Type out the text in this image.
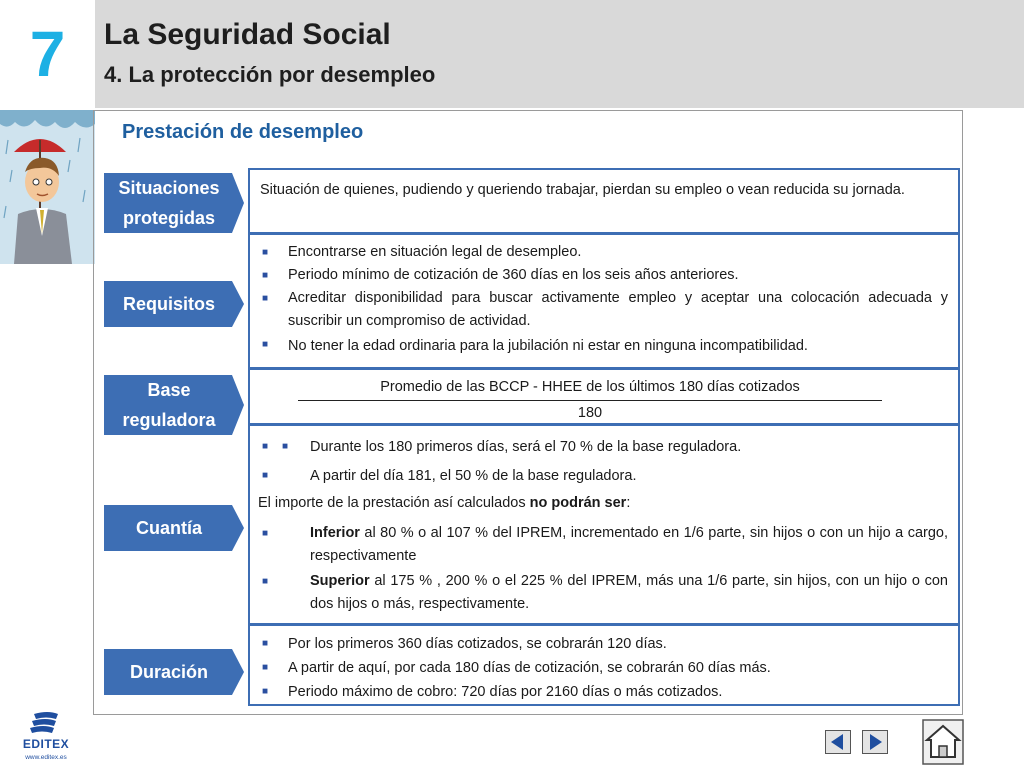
7	La Seguridad Social
4. La protección por desempleo
Prestación de desempleo
Situaciones protegidas
Situación de quienes, pudiendo y queriendo trabajar, pierdan su empleo o vean reducida su jornada.
Requisitos
■ Encontrarse en situación legal de desempleo.
■ Periodo mínimo de cotización de 360 días en los seis años anteriores.
■ Acreditar disponibilidad para buscar activamente empleo y aceptar una colocación adecuada y suscribir un compromiso de actividad.
■ No tener la edad ordinaria para la jubilación ni estar en ninguna incompatibilidad.
Base reguladora
Promedio de las BCCP - HHEE de los últimos 180 días cotizados
180
Cuantía
■ ■ Durante los 180 primeros días, será el 70 % de la base reguladora.
■ A partir del día 181, el 50 % de la base reguladora.
El importe de la prestación así calculados no podrán ser:
■ Inferior al 80 % o al 107 % del IPREM, incrementado en 1/6 parte, sin hijos o con un hijo a cargo, respectivamente
■ Superior al 175 % , 200 % o el 225 % del IPREM, más una 1/6 parte, sin hijos, con un hijo o con dos hijos o más, respectivamente.
Duración
■ Por los primeros 360 días cotizados, se cobrarán 120 días.
■ A partir de aquí, por cada 180 días de cotización, se cobrarán 60 días más.
■ Periodo máximo de cobro: 720 días por 2160 días o más cotizados.
EDITEX
www.editex.es
